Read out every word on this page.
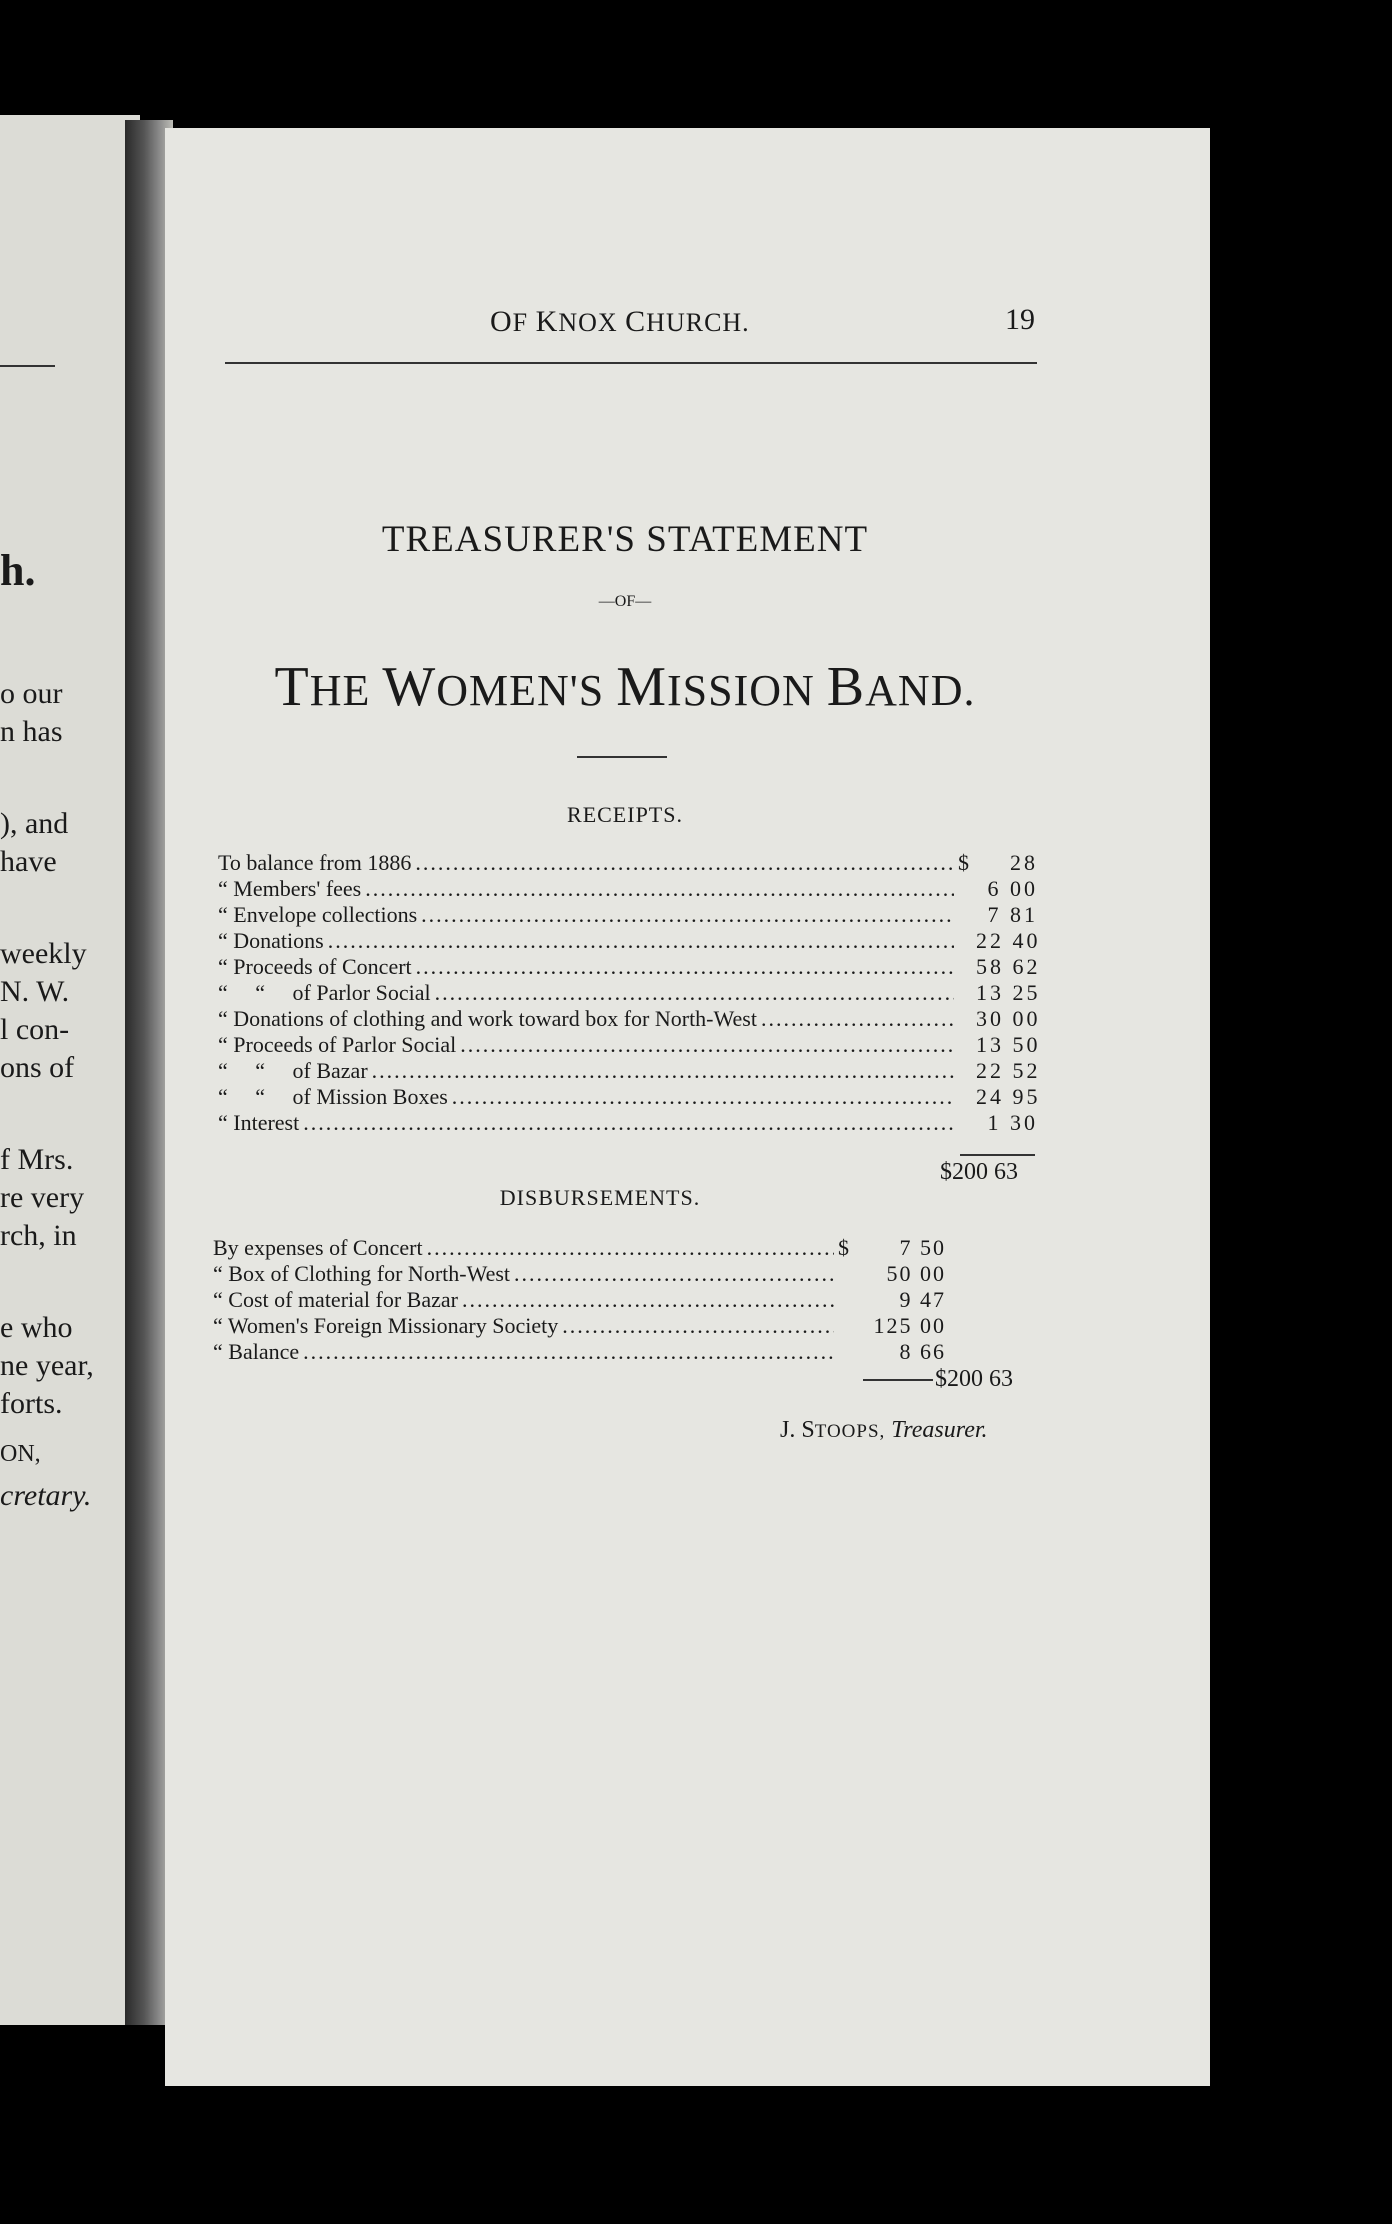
h.
o our
n has
), and
have
weekly
N. W.
l con-
ons of
f Mrs.
re very
rch, in
e who
ne year,
forts.
ON,
cretary.
OF KNOX CHURCH.	19
TREASURER'S STATEMENT
—OF—
THE WOMEN'S MISSION BAND.
RECEIPTS.
To balance from 1886 .....	$	28
“ Members' fees .....	6 00
“ Envelope collections .....	7 81
“ Donations .....	22 40
“ Proceeds of Concert .....	58 62
“     “     of Parlor Social .....	13 25
“ Donations of clothing and work toward box for North-West .....	30 00
“ Proceeds of Parlor Social .....	13 50
“     “     of Bazar .....	22 52
“     “     of Mission Boxes .....	24 95
“ Interest .....	1 30
$200 63
DISBURSEMENTS.
By expenses of Concert .....	$	7 50
“ Box of Clothing for North-West .....	50 00
“ Cost of material for Bazar .....	9 47
“ Women's Foreign Missionary Society .....	125 00
“ Balance .....	8 66
$200 63
J. STOOPS, Treasurer.
